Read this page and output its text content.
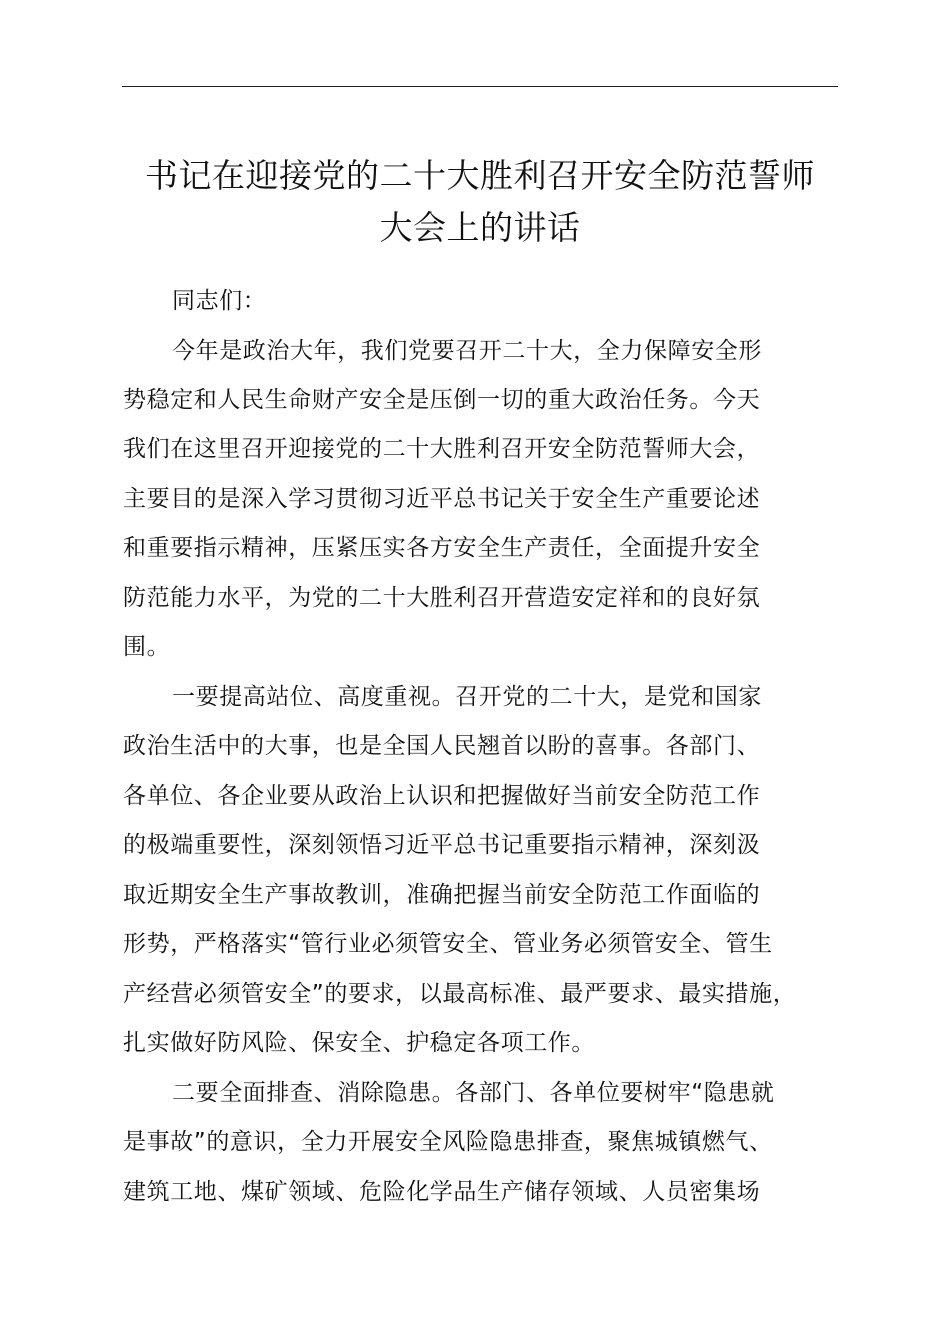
书记在迎接党的二十大胜利召开安全防范誓师
大会上的讲话
同志们：
今年是政治大年，我们党要召开二十大，全力保障安全形
势稳定和人民生命财产安全是压倒一切的重大政治任务。今天
我们在这里召开迎接党的二十大胜利召开安全防范誓师大会，
主要目的是深入学习贯彻习近平总书记关于安全生产重要论述
和重要指示精神，压紧压实各方安全生产责任，全面提升安全
防范能力水平，为党的二十大胜利召开营造安定祥和的良好氛
围。
一要提高站位、高度重视。召开党的二十大，是党和国家
政治生活中的大事，也是全国人民翘首以盼的喜事。各部门、
各单位、各企业要从政治上认识和把握做好当前安全防范工作
的极端重要性，深刻领悟习近平总书记重要指示精神，深刻汲
取近期安全生产事故教训，准确把握当前安全防范工作面临的
形势，严格落实“管行业必须管安全、管业务必须管安全、管生
产经营必须管安全”的要求，以最高标准、最严要求、最实措施，
扎实做好防风险、保安全、护稳定各项工作。
二要全面排查、消除隐患。各部门、各单位要树牢“隐患就
是事故”的意识，全力开展安全风险隐患排查，聚焦城镇燃气、
建筑工地、煤矿领域、危险化学品生产储存领域、人员密集场
